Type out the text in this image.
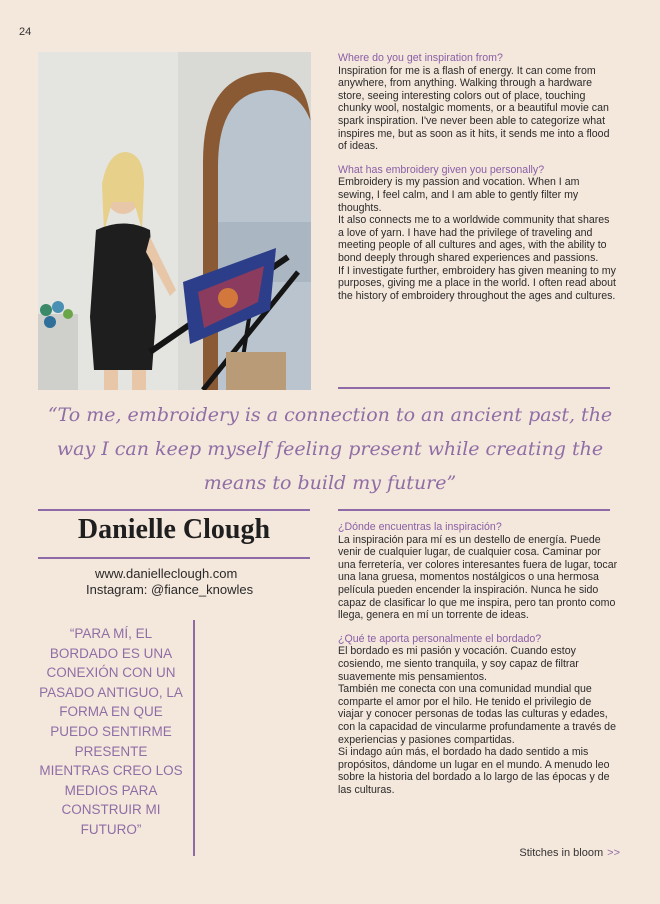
24

Where do you get inspiration from?

Inspiration for me is a flash of energy. It can come from anywhere, from anything. Walking through a hardware store, seeing interesting colors out of place, touching chunky wool, nostalgic moments, or a beautiful movie can spark inspiration. I've never been able to categorize what inspires me, but as soon as it hits, it sends me into a flood of ideas.

What has embroidery given you personally?

Embroidery is my passion and vocation. When I am sewing, I feel calm, and I am able to gently filter my thoughts.

It also connects me to a worldwide community that shares a love of yarn. I have had the privilege of traveling and meeting people of all cultures and ages, with the ability to bond deeply through shared experiences and passions.

If I investigate further, embroidery has given meaning to my purposes, giving me a place in the world. I often read about the history of embroidery throughout the ages and cultures.

“To me, embroidery is a connection to an ancient past, the way I can keep myself feeling present while creating the means to build my future”

Danielle Clough
www.danielleclough.com
Instagram: @fiance_knowles

“PARA MÍ, EL BORDADO ES UNA CONEXIÓN CON UN PASADO ANTIGUO, LA FORMA EN QUE PUEDO SENTIRME PRESENTE MIENTRAS CREO LOS MEDIOS PARA CONSTRUIR MI FUTURO”

¿Dónde encuentras la inspiración?

La inspiración para mí es un destello de energía. Puede venir de cualquier lugar, de cualquier cosa. Caminar por una ferretería, ver colores interesantes fuera de lugar, tocar una lana gruesa, momentos nostálgicos o una hermosa película pueden encender la inspiración. Nunca he sido capaz de clasificar lo que me inspira, pero tan pronto como llega, genera en mí un torrente de ideas.

¿Qué te aporta personalmente el bordado?

El bordado es mi pasión y vocación. Cuando estoy cosiendo, me siento tranquila, y soy capaz de filtrar suavemente mis pensamientos.

También me conecta con una comunidad mundial que comparte el amor por el hilo. He tenido el privilegio de viajar y conocer personas de todas las culturas y edades, con la capacidad de vincularme profundamente a través de experiencias y pasiones compartidas.

Si indago aún más, el bordado ha dado sentido a mis propósitos, dándome un lugar en el mundo. A menudo leo sobre la historia del bordado a lo largo de las épocas y de las culturas.

Stitches in bloom >>
